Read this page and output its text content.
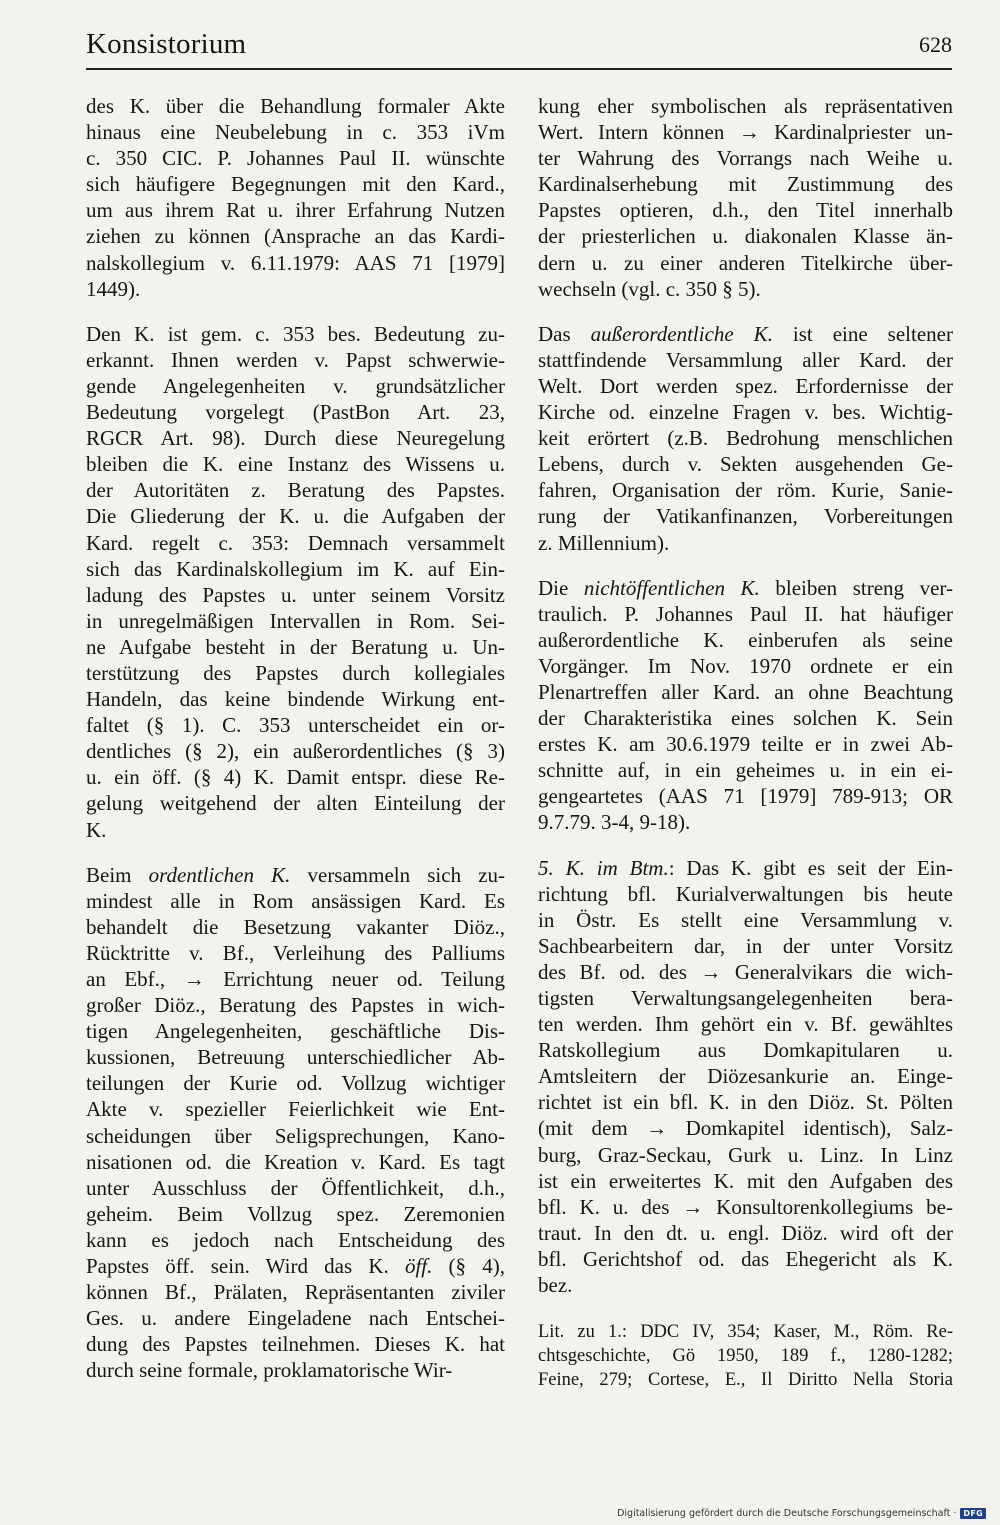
Konsistorium	628
des K. über die Behandlung formaler Akte
hinaus eine Neubelebung in c. 353 iVm
c. 350 CIC. P. Johannes Paul II. wünschte
sich häufigere Begegnungen mit den Kard.,
um aus ihrem Rat u. ihrer Erfahrung Nutzen
ziehen zu können (Ansprache an das Kardi-
nalskollegium v. 6.11.1979: AAS 71 [1979]
1449).
Den K. ist gem. c. 353 bes. Bedeutung zu-
erkannt. Ihnen werden v. Papst schwerwie-
gende Angelegenheiten v. grundsätzlicher
Bedeutung vorgelegt (PastBon Art. 23,
RGCR Art. 98). Durch diese Neuregelung
bleiben die K. eine Instanz des Wissens u.
der Autoritäten z. Beratung des Papstes.
Die Gliederung der K. u. die Aufgaben der
Kard. regelt c. 353: Demnach versammelt
sich das Kardinalskollegium im K. auf Ein-
ladung des Papstes u. unter seinem Vorsitz
in unregelmäßigen Intervallen in Rom. Sei-
ne Aufgabe besteht in der Beratung u. Un-
terstützung des Papstes durch kollegiales
Handeln, das keine bindende Wirkung ent-
faltet (§ 1). C. 353 unterscheidet ein or-
dentliches (§ 2), ein außerordentliches (§ 3)
u. ein öff. (§ 4) K. Damit entspr. diese Re-
gelung weitgehend der alten Einteilung der
K.
Beim ordentlichen K. versammeln sich zu-
mindest alle in Rom ansässigen Kard. Es
behandelt die Besetzung vakanter Diöz.,
Rücktritte v. Bf., Verleihung des Palliums
an Ebf., → Errichtung neuer od. Teilung
großer Diöz., Beratung des Papstes in wich-
tigen Angelegenheiten, geschäftliche Dis-
kussionen, Betreuung unterschiedlicher Ab-
teilungen der Kurie od. Vollzug wichtiger
Akte v. spezieller Feierlichkeit wie Ent-
scheidungen über Seligsprechungen, Kano-
nisationen od. die Kreation v. Kard. Es tagt
unter Ausschluss der Öffentlichkeit, d.h.,
geheim. Beim Vollzug spez. Zeremonien
kann es jedoch nach Entscheidung des
Papstes öff. sein. Wird das K. öff. (§ 4),
können Bf., Prälaten, Repräsentanten ziviler
Ges. u. andere Eingeladene nach Entschei-
dung des Papstes teilnehmen. Dieses K. hat
durch seine formale, proklamatorische Wir-
kung eher symbolischen als repräsentativen
Wert. Intern können → Kardinalpriester un-
ter Wahrung des Vorrangs nach Weihe u.
Kardinalserhebung mit Zustimmung des
Papstes optieren, d.h., den Titel innerhalb
der priesterlichen u. diakonalen Klasse än-
dern u. zu einer anderen Titelkirche über-
wechseln (vgl. c. 350 § 5).
Das außerordentliche K. ist eine seltener
stattfindende Versammlung aller Kard. der
Welt. Dort werden spez. Erfordernisse der
Kirche od. einzelne Fragen v. bes. Wichtig-
keit erörtert (z.B. Bedrohung menschlichen
Lebens, durch v. Sekten ausgehenden Ge-
fahren, Organisation der röm. Kurie, Sanie-
rung der Vatikanfinanzen, Vorbereitungen
z. Millennium).
Die nichtöffentlichen K. bleiben streng ver-
traulich. P. Johannes Paul II. hat häufiger
außerordentliche K. einberufen als seine
Vorgänger. Im Nov. 1970 ordnete er ein
Plenartreffen aller Kard. an ohne Beachtung
der Charakteristika eines solchen K. Sein
erstes K. am 30.6.1979 teilte er in zwei Ab-
schnitte auf, in ein geheimes u. in ein ei-
gengeartetes (AAS 71 [1979] 789-913; OR
9.7.79. 3-4, 9-18).
5. K. im Btm.: Das K. gibt es seit der Ein-
richtung bfl. Kurialverwaltungen bis heute
in Östr. Es stellt eine Versammlung v.
Sachbearbeitern dar, in der unter Vorsitz
des Bf. od. des → Generalvikars die wich-
tigsten Verwaltungsangelegenheiten bera-
ten werden. Ihm gehört ein v. Bf. gewähltes
Ratskollegium aus Domkapitularen u.
Amtsleitern der Diözesankurie an. Einge-
richtet ist ein bfl. K. in den Diöz. St. Pölten
(mit dem → Domkapitel identisch), Salz-
burg, Graz-Seckau, Gurk u. Linz. In Linz
ist ein erweitertes K. mit den Aufgaben des
bfl. K. u. des → Konsultorenkollegiums be-
traut. In den dt. u. engl. Diöz. wird oft der
bfl. Gerichtshof od. das Ehegericht als K.
bez.
Lit. zu 1.: DDC IV, 354; Kaser, M., Röm. Re-
chtsgeschichte, Gö 1950, 189 f., 1280-1282;
Feine, 279; Cortese, E., Il Diritto Nella Storia
Digitalisierung gefördert durch die Deutsche Forschungsgemeinschaft · DFG
